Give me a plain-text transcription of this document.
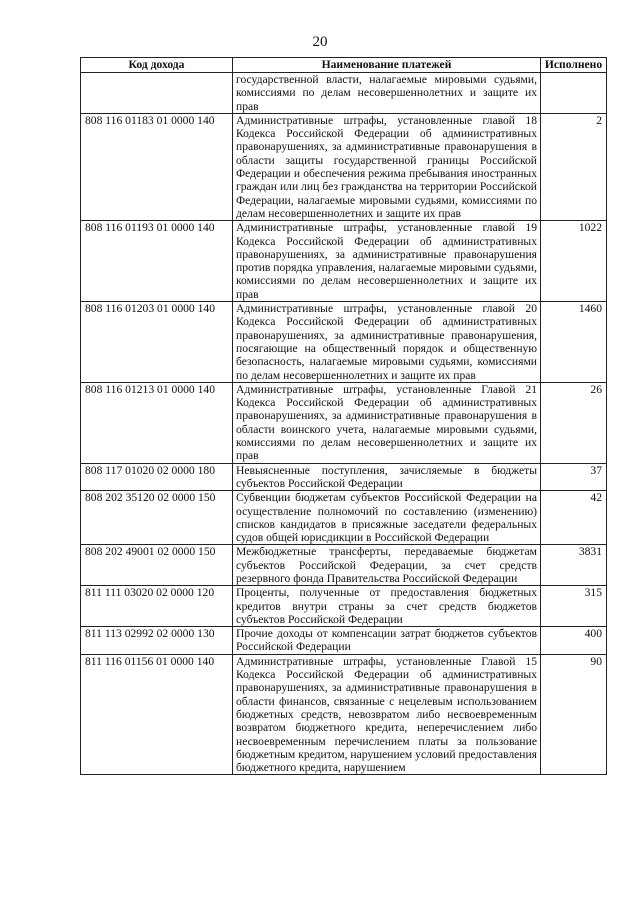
20
Код дохода	Наименование платежей	Исполнено
	государственной власти, налагаемые мировыми судьями, комиссиями по делам несовершеннолетних и защите их прав	
808 116 01183 01 0000 140	Административные штрафы, установленные главой 18 Кодекса Российской Федерации об административных правонарушениях, за административные правонарушения в области защиты государственной границы Российской Федерации и обеспечения режима пребывания иностранных граждан или лиц без гражданства на территории Российской Федерации, налагаемые мировыми судьями, комиссиями по делам несовершеннолетних и защите их прав	2
808 116 01193 01 0000 140	Административные штрафы, установленные главой 19 Кодекса Российской Федерации об административных правонарушениях, за административные правонарушения против порядка управления, налагаемые мировыми судьями, комиссиями по делам несовершеннолетних и защите их прав	1022
808 116 01203 01 0000 140	Административные штрафы, установленные главой 20 Кодекса Российской Федерации об административных правонарушениях, за административные правонарушения, посягающие на общественный порядок и общественную безопасность, налагаемые мировыми судьями, комиссиями по делам несовершеннолетних и защите их прав	1460
808 116 01213 01 0000 140	Административные штрафы, установленные Главой 21 Кодекса Российской Федерации об административных правонарушениях, за административные правонарушения в области воинского учета, налагаемые мировыми судьями, комиссиями по делам несовершеннолетних и защите их прав	26
808 117 01020 02 0000 180	Невыясненные поступления, зачисляемые в бюджеты субъектов Российской Федерации	37
808 202 35120 02 0000 150	Субвенции бюджетам субъектов Российской Федерации на осуществление полномочий по составлению (изменению) списков кандидатов в присяжные заседатели федеральных судов общей юрисдикции в Российской Федерации	42
808 202 49001 02 0000 150	Межбюджетные трансферты, передаваемые бюджетам субъектов Российской Федерации, за счет средств резервного фонда Правительства Российской Федерации	3831
811 111 03020 02 0000 120	Проценты, полученные от предоставления бюджетных кредитов внутри страны за счет средств бюджетов субъектов Российской Федерации	315
811 113 02992 02 0000 130	Прочие доходы от компенсации затрат бюджетов субъектов Российской Федерации	400
811 116 01156 01 0000 140	Административные штрафы, установленные Главой 15 Кодекса Российской Федерации об административных правонарушениях, за административные правонарушения в области финансов, связанные с нецелевым использованием бюджетных средств, невозвратом либо несвоевременным возвратом бюджетного кредита, неперечислением либо несвоевременным перечислением платы за пользование бюджетным кредитом, нарушением условий предоставления бюджетного кредита, нарушением	90
